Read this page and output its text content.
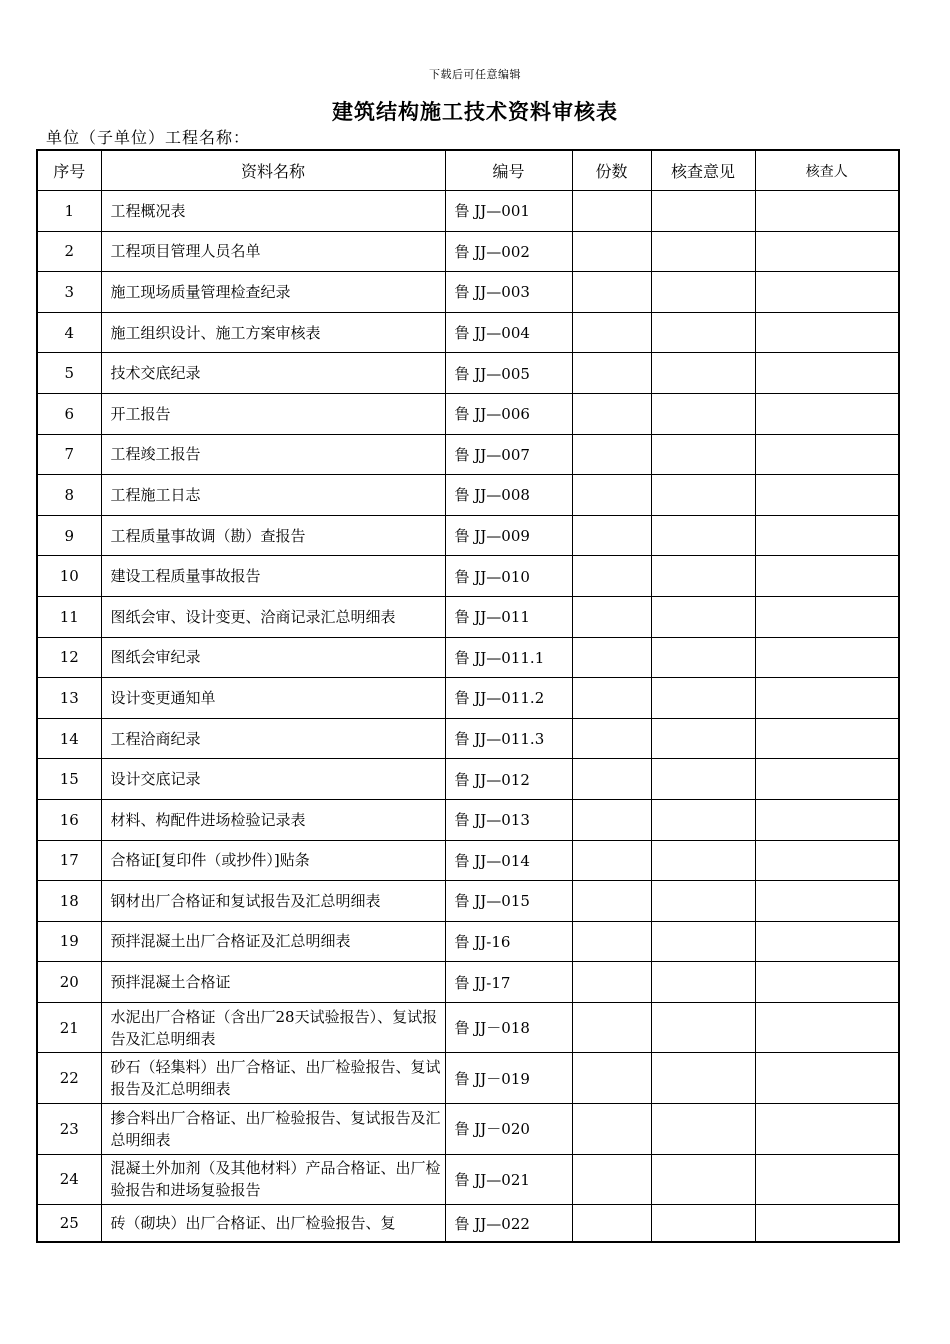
下载后可任意编辑
建筑结构施工技术资料审核表
单位（子单位）工程名称：
序号	资料名称	编号	份数	核查意见	核查人
1	工程概况表	鲁 JJ—001			
2	工程项目管理人员名单	鲁 JJ—002			
3	施工现场质量管理检查纪录	鲁 JJ—003			
4	施工组织设计、施工方案审核表	鲁 JJ—004			
5	技术交底纪录	鲁 JJ—005			
6	开工报告	鲁 JJ—006			
7	工程竣工报告	鲁 JJ—007			
8	工程施工日志	鲁 JJ—008			
9	工程质量事故调（勘）查报告	鲁 JJ—009			
10	建设工程质量事故报告	鲁 JJ—010			
11	图纸会审、设计变更、洽商记录汇总明细表	鲁 JJ—011			
12	图纸会审纪录	鲁 JJ—011.1			
13	设计变更通知单	鲁 JJ—011.2			
14	工程洽商纪录	鲁 JJ—011.3			
15	设计交底记录	鲁 JJ—012			
16	材料、构配件进场检验记录表	鲁 JJ—013			
17	合格证[复印件（或抄件）]贴条	鲁 JJ—014			
18	钢材出厂合格证和复试报告及汇总明细表	鲁 JJ—015			
19	预拌混凝土出厂合格证及汇总明细表	鲁 JJ-16			
20	预拌混凝土合格证	鲁 JJ-17			
21	水泥出厂合格证（含出厂28天试验报告）、复试报告及汇总明细表	鲁 JJ－018			
22	砂石（轻集料）出厂合格证、出厂检验报告、复试报告及汇总明细表	鲁 JJ－019			
23	掺合料出厂合格证、出厂检验报告、复试报告及汇总明细表	鲁 JJ－020			
24	混凝土外加剂（及其他材料）产品合格证、出厂检验报告和进场复验报告	鲁 JJ—021			
25	砖（砌块）出厂合格证、出厂检验报告、复	鲁 JJ—022			
